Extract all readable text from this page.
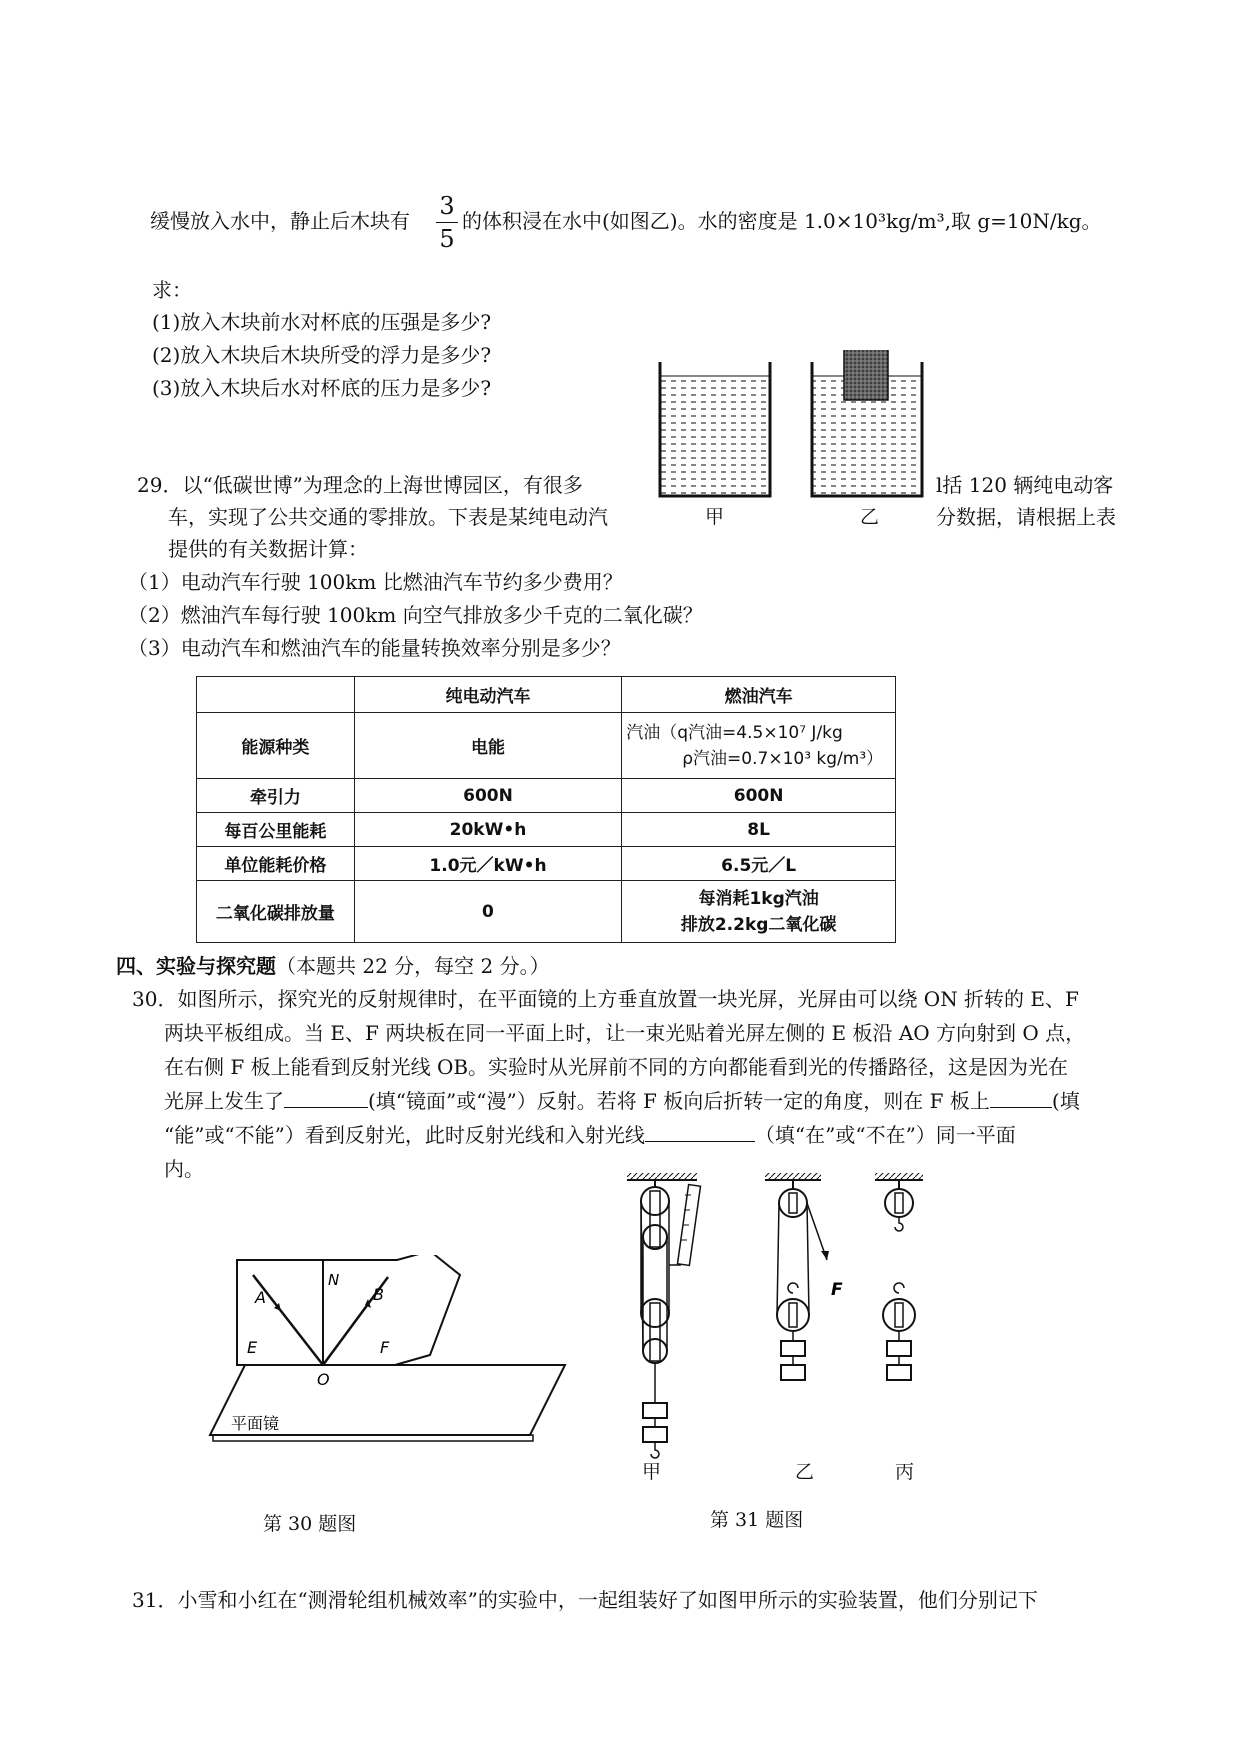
缓慢放入水中，静止后木块有
3
5
的体积浸在水中(如图乙)。水的密度是 1.0×10³kg/m³,取 g=10N/kg。
求：
(1)放入木块前水对杯底的压强是多少?
(2)放入木块后木块所受的浮力是多少?
(3)放入木块后水对杯底的压力是多少?
甲	乙
29．以“低碳世博”为理念的上海世博园区，有很多	l括 120 辆纯电动客
车，实现了公共交通的零排放。下表是某纯电动汽	分数据，请根据上表
提供的有关数据计算：
（1）电动汽车行驶 100km 比燃油汽车节约多少费用？
（2）燃油汽车每行驶 100km 向空气排放多少千克的二氧化碳？
（3）电动汽车和燃油汽车的能量转换效率分别是多少？
	纯电动汽车	燃油汽车
能源种类	电能	汽油（q汽油=4.5×10⁷ J/kg
ρ汽油=0.7×10³ kg/m³）

牵引力	600N	600N
每百公里能耗	20kW•h	8L
单位能耗价格	1.0元／kW•h	6.5元／L
二氧化碳排放量	0	每消耗1kg汽油
排放2.2kg二氧化碳
四、实验与探究题（本题共 22 分，每空 2 分。）
30．如图所示，探究光的反射规律时，在平面镜的上方垂直放置一块光屏，光屏由可以绕 ON 折转的 E、F
两块平板组成。当 E、F 两块板在同一平面上时，让一束光贴着光屏左侧的 E 板沿 AO 方向射到 O 点，
在右侧 F 板上能看到反射光线 OB。实验时从光屏前不同的方向都能看到光的传播路径，这是因为光在
光屏上发生了	(填“镜面”或“漫”）反射。若将 F 板向后折转一定的角度，则在 F 板上	(填
“能”或“不能”）看到反射光，此时反射光线和入射光线	（填“在”或“不在”）同一平面
内。
A
N
B
E	F
O
平面镜
第 30 题图
F
甲	乙	丙
第 31 题图
31．小雪和小红在“测滑轮组机械效率”的实验中，一起组装好了如图甲所示的实验装置，他们分别记下
